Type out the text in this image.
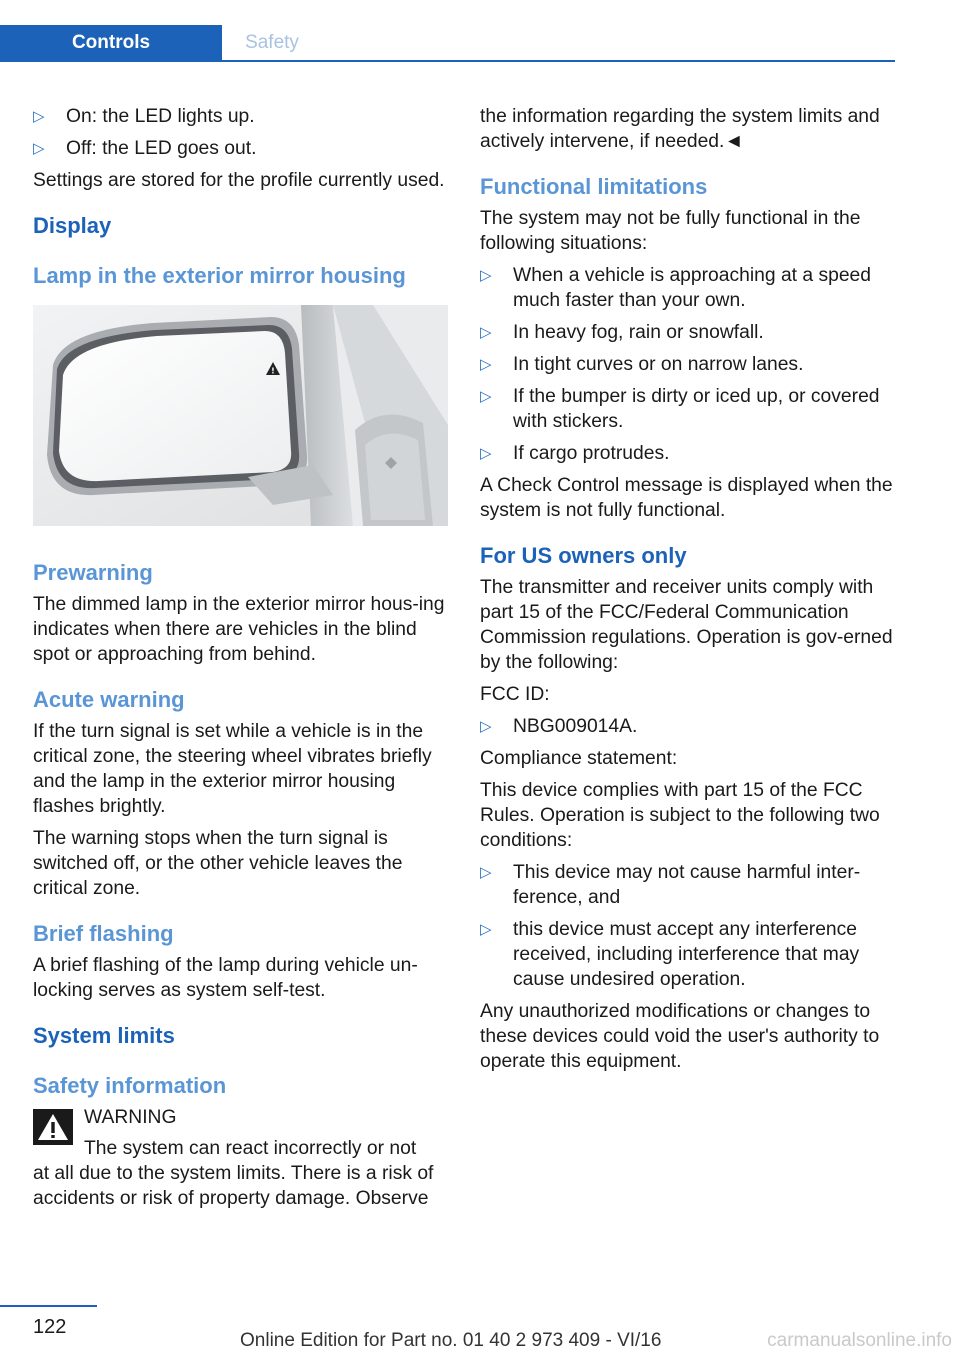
Controls	Safety
▷ On: the LED lights up.
▷ Off: the LED goes out.

Settings are stored for the profile currently used.

Display
Lamp in the exterior mirror housing
!
Prewarning

The dimmed lamp in the exterior mirror hous‐ing indicates when there are vehicles in the blind spot or approaching from behind.

Acute warning

If the turn signal is set while a vehicle is in the critical zone, the steering wheel vibrates briefly and the lamp in the exterior mirror housing flashes brightly.

The warning stops when the turn signal is switched off, or the other vehicle leaves the critical zone.

Brief flashing

A brief flashing of the lamp during vehicle un‐locking serves as system self-test.

System limits
Safety information

WARNING

The system can react incorrectly or not

at all due to the system limits. There is a risk of accidents or risk of property damage. Observe

the information regarding the system limits and actively intervene, if needed.◄

Functional limitations

The system may not be fully functional in the following situations:

▷ When a vehicle is approaching at a speed much faster than your own.
▷ In heavy fog, rain or snowfall.
▷ In tight curves or on narrow lanes.
▷ If the bumper is dirty or iced up, or covered with stickers.
▷ If cargo protrudes.

A Check Control message is displayed when the system is not fully functional.

For US owners only

The transmitter and receiver units comply with part 15 of the FCC/Federal Communication Commission regulations. Operation is gov‐erned by the following:

FCC ID:

▷ NBG009014A.

Compliance statement:

This device complies with part 15 of the FCC Rules. Operation is subject to the following two conditions:

▷ This device may not cause harmful inter‐ference, and
▷ this device must accept any interference received, including interference that may cause undesired operation.

Any unauthorized modifications or changes to these devices could void the user's authority to operate this equipment.

122
Online Edition for Part no. 01 40 2 973 409 - VI/16	carmanualsonline.info
